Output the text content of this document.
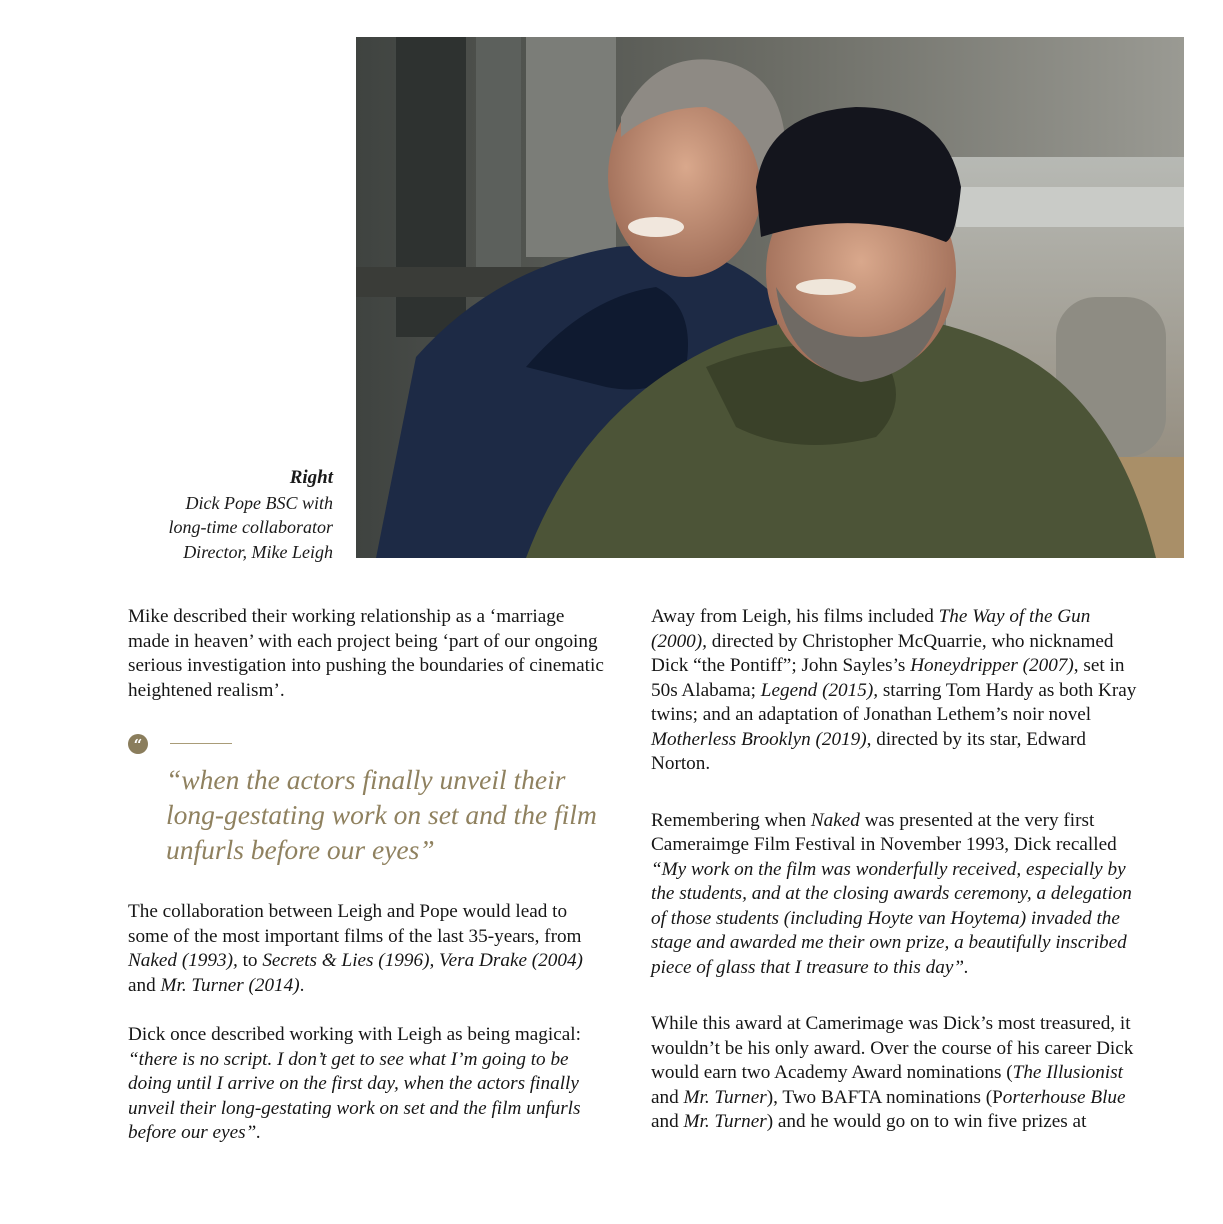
Right
Dick Pope BSC with
long-time collaborator
Director, Mike Leigh

Mike described their working relationship as a ‘marriage made in heaven’ with each project being ‘part of our ongoing serious investigation into pushing the boundaries of cinematic heightened realism’.

“
“when the actors finally unveil their long-gestating work on set and the film unfurls before our eyes”

The collaboration between Leigh and Pope would lead to some of the most important films of the last 35-years, from Naked (1993), to Secrets & Lies (1996), Vera Drake (2004) and Mr. Turner (2014).

Dick once described working with Leigh as being magical: “there is no script. I don’t get to see what I’m going to be doing until I arrive on the first day, when the actors finally unveil their long-gestating work on set and the film unfurls before our eyes”.

Away from Leigh, his films included The Way of the Gun (2000), directed by Christopher McQuarrie, who nicknamed Dick “the Pontiff”; John Sayles’s Honeydripper (2007), set in 50s Alabama; Legend (2015), starring Tom Hardy as both Kray twins; and an adaptation of Jonathan Lethem’s noir novel Motherless Brooklyn (2019), directed by its star, Edward Norton.

Remembering when Naked was presented at the very first Cameraimge Film Festival in November 1993, Dick recalled “My work on the film was wonderfully received, especially by the students, and at the closing awards ceremony, a delegation of those students (including Hoyte van Hoytema) invaded the stage and awarded me their own prize, a beautifully inscribed piece of glass that I treasure to this day”.

While this award at Camerimage was Dick’s most treasured, it wouldn’t be his only award. Over the course of his career Dick would earn two Academy Award nominations (The Illusionist and Mr. Turner), Two BAFTA nominations (Porterhouse Blue and Mr. Turner) and he would go on to win five prizes at
